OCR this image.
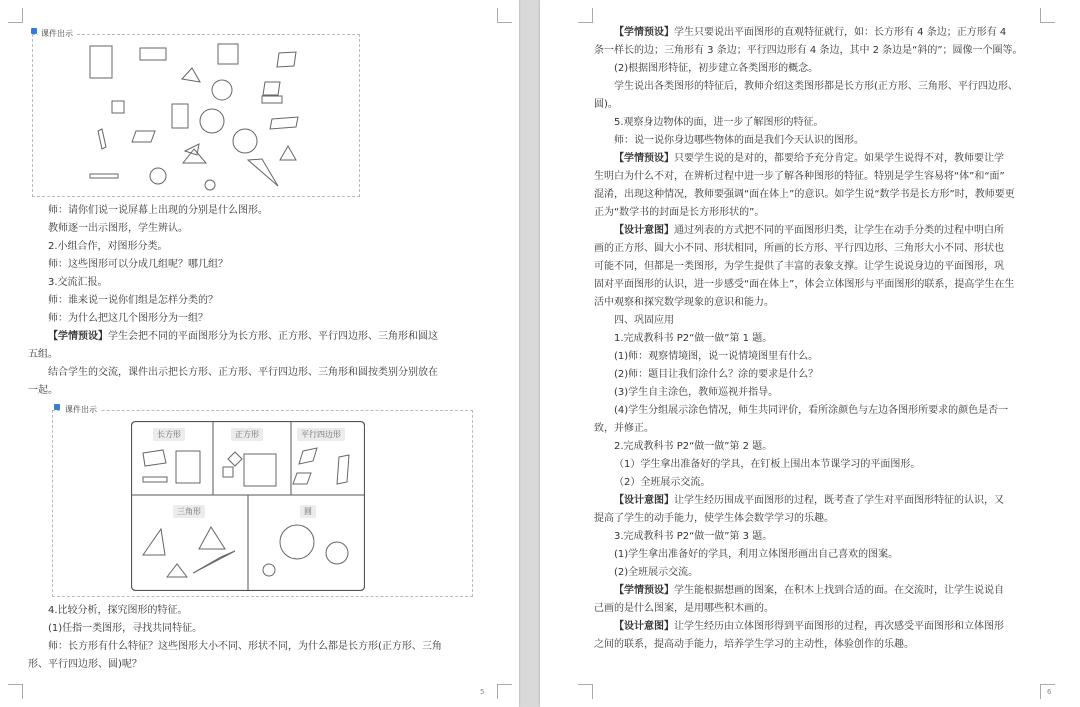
课件出示
师：请你们说一说屏幕上出现的分别是什么图形。
教师逐一出示图形，学生辨认。
2.小组合作，对图形分类。
师：这些图形可以分成几组呢？哪几组？
3.交流汇报。
师：谁来说一说你们组是怎样分类的？
师：为什么把这几个图形分为一组？
【学情预设】学生会把不同的平面图形分为长方形、正方形、平行四边形、三角形和圆这
五组。
结合学生的交流，课件出示把长方形、正方形、平行四边形、三角形和圆按类别分别放在
一起。
课件出示
长方形	正方形	平行四边形
三角形	圆
4.比较分析，探究图形的特征。
(1)任指一类图形，寻找共同特征。
师：长方形有什么特征？这些图形大小不同、形状不同，为什么都是长方形(正方形、三角
形、平行四边形、圆)呢？
5
【学情预设】学生只要说出平面图形的直观特征就行，如：长方形有 4 条边；正方形有 4
条一样长的边；三角形有 3 条边；平行四边形有 4 条边，其中 2 条边是“斜的”；圆像一个圈等。
(2)根据图形特征，初步建立各类图形的概念。
学生说出各类图形的特征后，教师介绍这类图形都是长方形(正方形、三角形、平行四边形、
圆)。
5.观察身边物体的面，进一步了解图形的特征。
师：说一说你身边哪些物体的面是我们今天认识的图形。
【学情预设】只要学生说的是对的，都要给予充分肯定。如果学生说得不对，教师要让学
生明白为什么不对，在辨析过程中进一步了解各种图形的特征。特别是学生容易将“体”和“面”
混淆，出现这种情况，教师要强调“面在体上”的意识。如学生说“数学书是长方形”时，教师要更
正为“数学书的封面是长方形形状的”。
【设计意图】通过列表的方式把不同的平面图形归类，让学生在动手分类的过程中明白所
画的正方形、圆大小不同、形状相同，所画的长方形、平行四边形、三角形大小不同、形状也
可能不同，但都是一类图形，为学生提供了丰富的表象支撑。让学生说说身边的平面图形，巩
固对平面图形的认识，进一步感受“面在体上”，体会立体图形与平面图形的联系，提高学生在生
活中观察和探究数学现象的意识和能力。
四、巩固应用
1.完成教科书 P2“做一做”第 1 题。
(1)师：观察情境图，说一说情境图里有什么。
(2)师：题目让我们涂什么？涂的要求是什么？
(3)学生自主涂色，教师巡视并指导。
(4)学生分组展示涂色情况，师生共同评价，看所涂颜色与左边各图形所要求的颜色是否一
致，并修正。
2.完成教科书 P2“做一做”第 2 题。
（1）学生拿出准备好的学具，在钉板上围出本节课学习的平面图形。
（2）全班展示交流。
【设计意图】让学生经历围成平面图形的过程，既考查了学生对平面图形特征的认识，又
提高了学生的动手能力，使学生体会数学学习的乐趣。
3.完成教科书 P2“做一做”第 3 题。
(1)学生拿出准备好的学具，利用立体图形画出自己喜欢的图案。
(2)全班展示交流。
【学情预设】学生能根据想画的图案，在积木上找到合适的面。在交流时，让学生说说自
己画的是什么图案，是用哪些积木画的。
【设计意图】让学生经历由立体图形得到平面图形的过程，再次感受平面图形和立体图形
之间的联系，提高动手能力，培养学生学习的主动性，体验创作的乐趣。
6
